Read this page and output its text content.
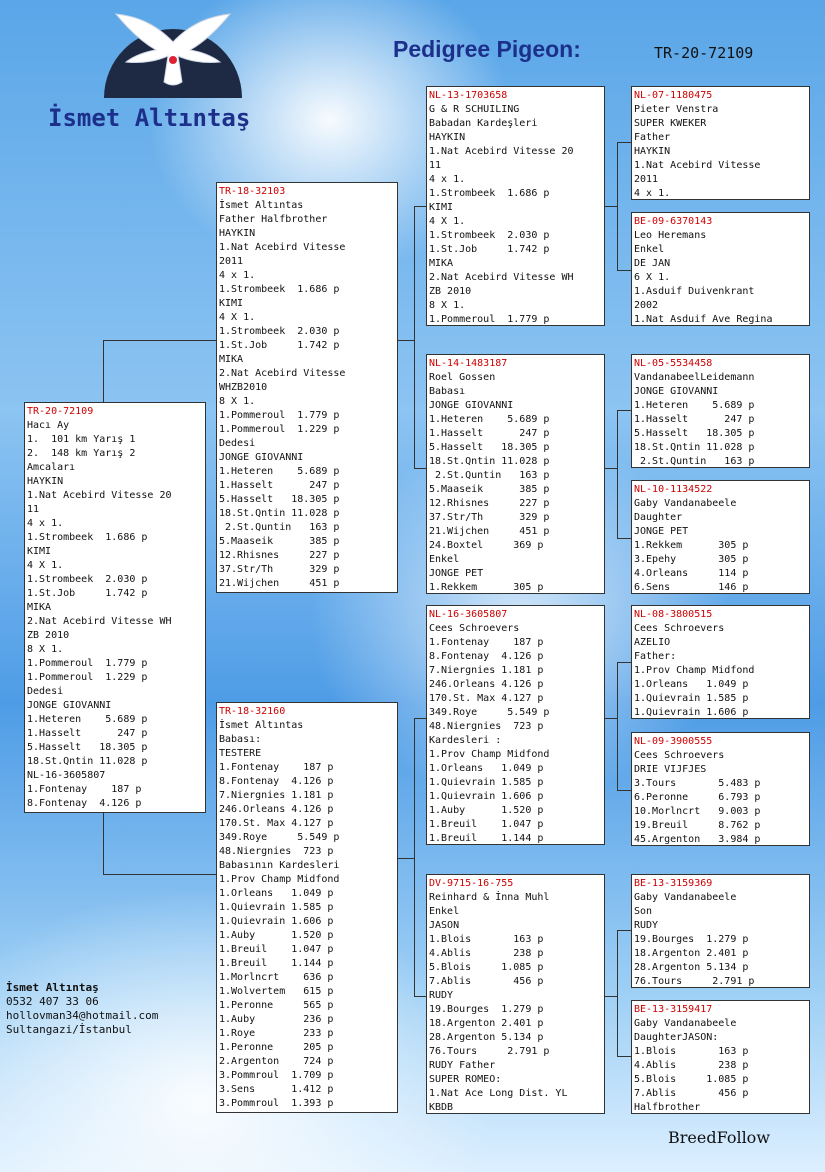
İsmet Altıntaş
Pedigree Pigeon:	TR-20-72109
TR-20-72109
Hacı Ay
1.  101 km Yarış 1
2.  148 km Yarış 2
Amcaları
HAYKIN
1.Nat Acebird Vitesse 20
11
4 x 1.
1.Strombeek  1.686 p
KIMI
4 X 1.
1.Strombeek  2.030 p
1.St.Job     1.742 p
MIKA
2.Nat Acebird Vitesse WH
ZB 2010
8 X 1.
1.Pommeroul  1.779 p
1.Pommeroul  1.229 p
Dedesi
JONGE GIOVANNI
1.Heteren    5.689 p
1.Hasselt      247 p
5.Hasselt   18.305 p
18.St.Qntin 11.028 p
NL-16-3605807
1.Fontenay    187 p
8.Fontenay  4.126 p
TR-18-32103
İsmet Altıntas
Father Halfbrother
HAYKIN
1.Nat Acebird Vitesse
2011
4 x 1.
1.Strombeek  1.686 p
KIMI
4 X 1.
1.Strombeek  2.030 p
1.St.Job     1.742 p
MIKA
2.Nat Acebird Vitesse
WHZB2010
8 X 1.
1.Pommeroul  1.779 p
1.Pommeroul  1.229 p
Dedesi
JONGE GIOVANNI
1.Heteren    5.689 p
1.Hasselt      247 p
5.Hasselt   18.305 p
18.St.Qntin 11.028 p
2.St.Quntin   163 p
5.Maaseik      385 p
12.Rhisnes     227 p
37.Str/Th      329 p
21.Wijchen     451 p
TR-18-32160
İsmet Altıntas
Babası:
TESTERE
1.Fontenay    187 p
8.Fontenay  4.126 p
7.Niergnies 1.181 p
246.Orleans 4.126 p
170.St. Max 4.127 p
349.Roye     5.549 p
48.Niergnies  723 p
Babasının Kardesleri
1.Prov Champ Midfond
1.Orleans   1.049 p
1.Quievrain 1.585 p
1.Quievrain 1.606 p
1.Auby      1.520 p
1.Breuil    1.047 p
1.Breuil    1.144 p
1.Morlncrt    636 p
1.Wolvertem   615 p
1.Peronne     565 p
1.Auby        236 p
1.Roye        233 p
1.Peronne     205 p
2.Argenton    724 p
3.Pommroul  1.709 p
3.Sens      1.412 p
3.Pommroul  1.393 p
NL-13-1703658
G & R SCHUILING
Babadan Kardeşleri
HAYKIN
1.Nat Acebird Vitesse 20
11
4 x 1.
1.Strombeek  1.686 p
KIMI
4 X 1.
1.Strombeek  2.030 p
1.St.Job     1.742 p
MIKA
2.Nat Acebird Vitesse WH
ZB 2010
8 X 1.
1.Pommeroul  1.779 p
NL-14-1483187
Roel Gossen
Babası
JONGE GIOVANNI
1.Heteren    5.689 p
1.Hasselt      247 p
5.Hasselt   18.305 p
18.St.Qntin 11.028 p
2.St.Quntin   163 p
5.Maaseik      385 p
12.Rhisnes     227 p
37.Str/Th      329 p
21.Wijchen     451 p
24.Boxtel     369 p
Enkel
JONGE PET
1.Rekkem      305 p
NL-16-3605807
Cees Schroevers
1.Fontenay    187 p
8.Fontenay  4.126 p
7.Niergnies 1.181 p
246.Orleans 4.126 p
170.St. Max 4.127 p
349.Roye     5.549 p
48.Niergnies  723 p
Kardesleri :
1.Prov Champ Midfond
1.Orleans   1.049 p
1.Quievrain 1.585 p
1.Quievrain 1.606 p
1.Auby      1.520 p
1.Breuil    1.047 p
1.Breuil    1.144 p
DV-9715-16-755
Reinhard & İnna Muhl
Enkel
JASON
1.Blois       163 p
4.Ablis       238 p
5.Blois     1.085 p
7.Ablis       456 p
RUDY
19.Bourges  1.279 p
18.Argenton 2.401 p
28.Argenton 5.134 p
76.Tours     2.791 p
RUDY Father
SUPER ROMEO:
1.Nat Ace Long Dist. YL
KBDB
NL-07-1180475
Pieter Venstra
SUPER KWEKER
Father
HAYKIN
1.Nat Acebird Vitesse
2011
4 x 1.
BE-09-6370143
Leo Heremans
Enkel
DE JAN
6 X 1.
1.Asduif Duivenkrant
2002
1.Nat Asduif Ave Regina
NL-05-5534458
VandanabeelLeidemann
JONGE GIOVANNI
1.Heteren    5.689 p
1.Hasselt      247 p
5.Hasselt   18.305 p
18.St.Qntin 11.028 p
2.St.Quntin   163 p
NL-10-1134522
Gaby Vandanabeele
Daughter
JONGE PET
1.Rekkem      305 p
3.Epehy       305 p
4.Orleans     114 p
6.Sens        146 p
NL-08-3800515
Cees Schroevers
AZELIO
Father:
1.Prov Champ Midfond
1.Orleans   1.049 p
1.Quievrain 1.585 p
1.Quievrain 1.606 p
NL-09-3900555
Cees Schroevers
DRIE VIJFJES
3.Tours       5.483 p
6.Peronne     6.793 p
10.Morlncrt   9.003 p
19.Breuil     8.762 p
45.Argenton   3.984 p
BE-13-3159369
Gaby Vandanabeele
Son
RUDY
19.Bourges  1.279 p
18.Argenton 2.401 p
28.Argenton 5.134 p
76.Tours     2.791 p
BE-13-3159417
Gaby Vandanabeele
DaughterJASON:
1.Blois       163 p
4.Ablis       238 p
5.Blois     1.085 p
7.Ablis       456 p
Halfbrother
İsmet Altıntaş
0532 407 33 06
hollovman34@hotmail.com
Sultangazi/İstanbul
BreedFollow
